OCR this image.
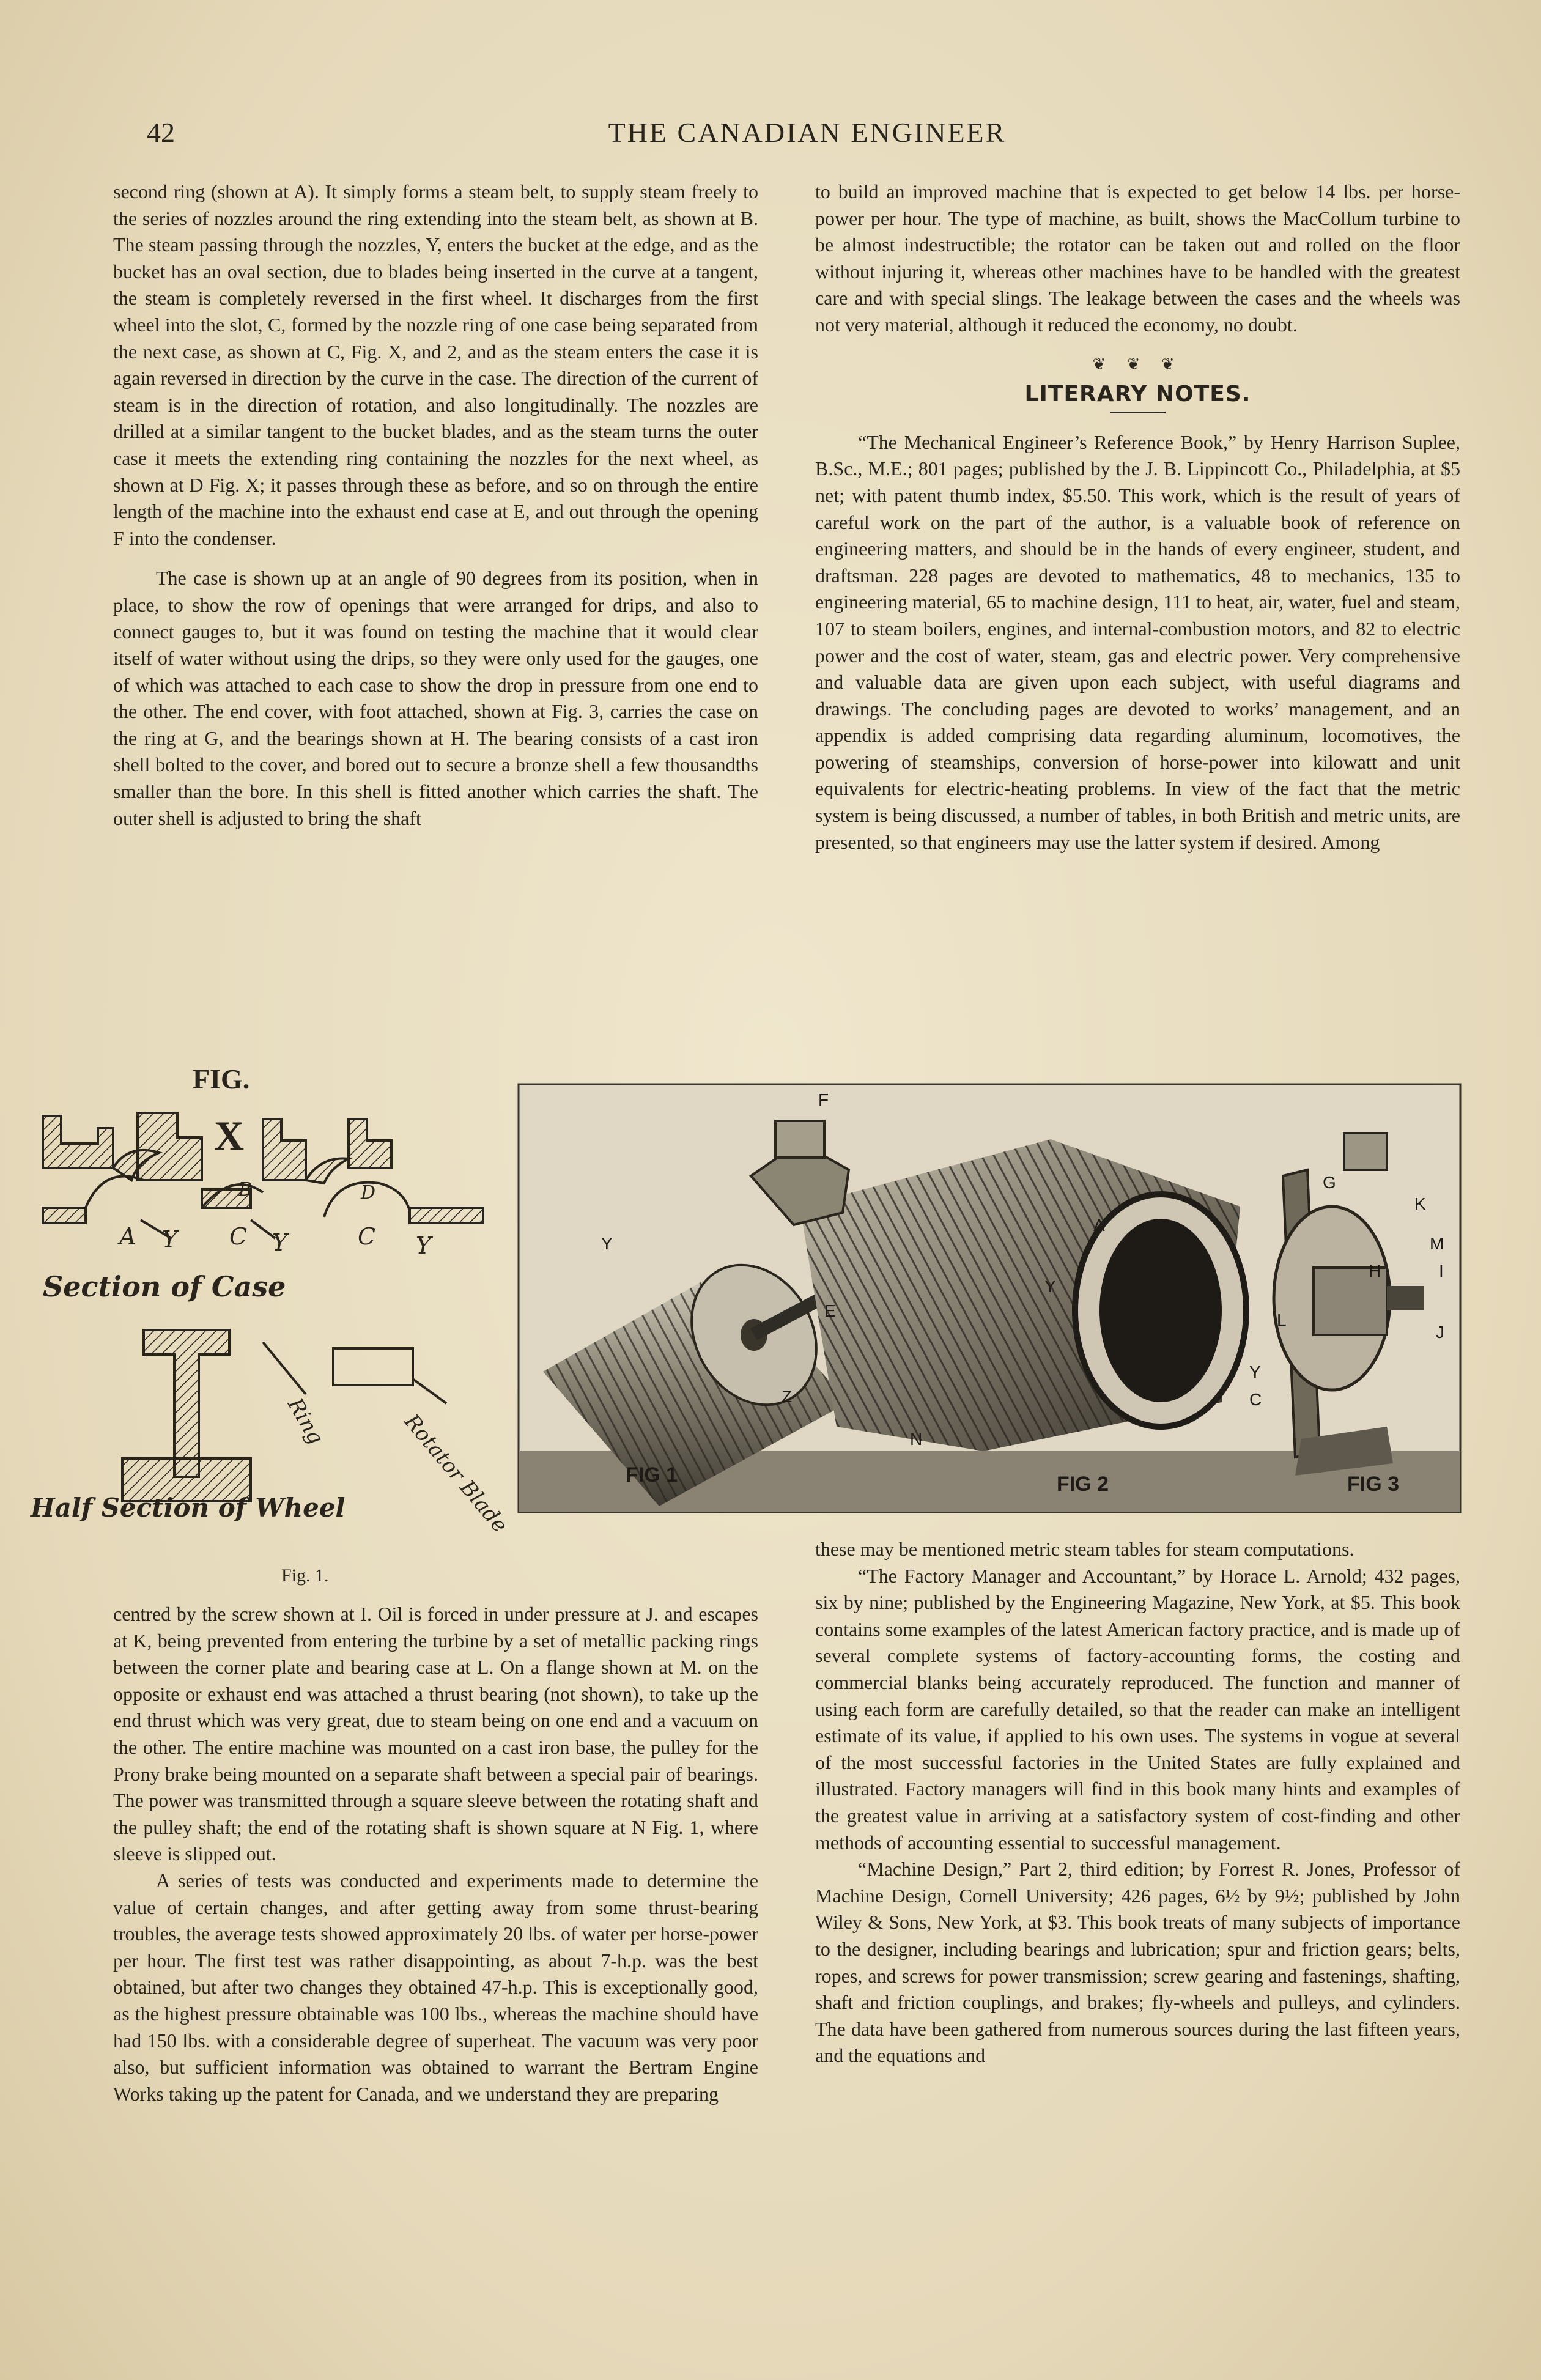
42	THE CANADIAN ENGINEER

second ring (shown at A). It simply forms a steam belt, to supply steam freely to the series of nozzles around the ring extending into the steam belt, as shown at B. The steam passing through the nozzles, Y, enters the bucket at the edge, and as the bucket has an oval section, due to blades being inserted in the curve at a tangent, the steam is completely reversed in the first wheel. It discharges from the first wheel into the slot, C, formed by the nozzle ring of one case being separated from the next case, as shown at C, Fig. X, and 2, and as the steam enters the case it is again reversed in direction by the curve in the case. The direction of the current of steam is in the direction of rotation, and also longitudinally. The nozzles are drilled at a similar tangent to the bucket blades, and as the steam turns the outer case it meets the extending ring containing the nozzles for the next wheel, as shown at D Fig. X; it passes through these as before, and so on through the entire length of the machine into the exhaust end case at E, and out through the opening F into the condenser.

The case is shown up at an angle of 90 degrees from its position, when in place, to show the row of openings that were arranged for drips, and also to connect gauges to, but it was found on testing the machine that it would clear itself of water without using the drips, so they were only used for the gauges, one of which was attached to each case to show the drop in pressure from one end to the other. The end cover, with foot attached, shown at Fig. 3, carries the case on the ring at G, and the bearings shown at H. The bearing consists of a cast iron shell bolted to the cover, and bored out to secure a bronze shell a few thousandths smaller than the bore. In this shell is fitted another which carries the shaft. The outer shell is adjusted to bring the shaft

to build an improved machine that is expected to get below 14 lbs. per horse-power per hour. The type of machine, as built, shows the MacCollum turbine to be almost indestructible; the rotator can be taken out and rolled on the floor without injuring it, whereas other machines have to be handled with the greatest care and with special slings. The leakage between the cases and the wheels was not very material, although it reduced the economy, no doubt.

❦ ❦ ❦
LITERARY NOTES.

“The Mechanical Engineer’s Reference Book,” by Henry Harrison Suplee, B.Sc., M.E.; 801 pages; published by the J. B. Lippincott Co., Philadelphia, at $5 net; with patent thumb index, $5.50. This work, which is the result of years of careful work on the part of the author, is a valuable book of reference on engineering matters, and should be in the hands of every engineer, student, and draftsman. 228 pages are devoted to mathematics, 48 to mechanics, 135 to engineering material, 65 to machine design, 111 to heat, air, water, fuel and steam, 107 to steam boilers, engines, and internal-combustion motors, and 82 to electric power and the cost of water, steam, gas and electric power. Very comprehensive and valuable data are given upon each subject, with useful diagrams and drawings. The concluding pages are devoted to works’ management, and an appendix is added comprising data regarding aluminum, locomotives, the powering of steamships, conversion of horse-power into kilowatt and unit equivalents for electric-heating problems. In view of the fact that the metric system is being discussed, a number of tables, in both British and metric units, are presented, so that engineers may use the latter system if desired. Among

FIG.
X
A Y C Y	C Y
B	D
Section of Case
Ring	Rotator Blade
Half Section of Wheel
Fig. 1.
F
Y
E
A
Y
B
Y
C
Z
N
G
K
M
H	I
L
J
FIG 1	FIG 2	FIG 3

centred by the screw shown at I. Oil is forced in under pressure at J. and escapes at K, being prevented from entering the turbine by a set of metallic packing rings between the corner plate and bearing case at L. On a flange shown at M. on the opposite or exhaust end was attached a thrust bearing (not shown), to take up the end thrust which was very great, due to steam being on one end and a vacuum on the other. The entire machine was mounted on a cast iron base, the pulley for the Prony brake being mounted on a separate shaft between a special pair of bearings. The power was transmitted through a square sleeve between the rotating shaft and the pulley shaft; the end of the rotating shaft is shown square at N Fig. 1, where sleeve is slipped out.

A series of tests was conducted and experiments made to determine the value of certain changes, and after getting away from some thrust-bearing troubles, the average tests showed approximately 20 lbs. of water per horse-power per hour. The first test was rather disappointing, as about 7-h.p. was the best obtained, but after two changes they obtained 47-h.p. This is exceptionally good, as the highest pressure obtainable was 100 lbs., whereas the machine should have had 150 lbs. with a considerable degree of superheat. The vacuum was very poor also, but sufficient information was obtained to warrant the Bertram Engine Works taking up the patent for Canada, and we understand they are preparing

these may be mentioned metric steam tables for steam computations.

“The Factory Manager and Accountant,” by Horace L. Arnold; 432 pages, six by nine; published by the Engineering Magazine, New York, at $5. This book contains some examples of the latest American factory practice, and is made up of several complete systems of factory-accounting forms, the costing and commercial blanks being accurately reproduced. The function and manner of using each form are carefully detailed, so that the reader can make an intelligent estimate of its value, if applied to his own uses. The systems in vogue at several of the most successful factories in the United States are fully explained and illustrated. Factory managers will find in this book many hints and examples of the greatest value in arriving at a satisfactory system of cost-finding and other methods of accounting essential to successful management.

“Machine Design,” Part 2, third edition; by Forrest R. Jones, Professor of Machine Design, Cornell University; 426 pages, 6½ by 9½; published by John Wiley & Sons, New York, at $3. This book treats of many subjects of importance to the designer, including bearings and lubrication; spur and friction gears; belts, ropes, and screws for power transmission; screw gearing and fastenings, shafting, shaft and friction couplings, and brakes; fly-wheels and pulleys, and cylinders. The data have been gathered from numerous sources during the last fifteen years, and the equations and
